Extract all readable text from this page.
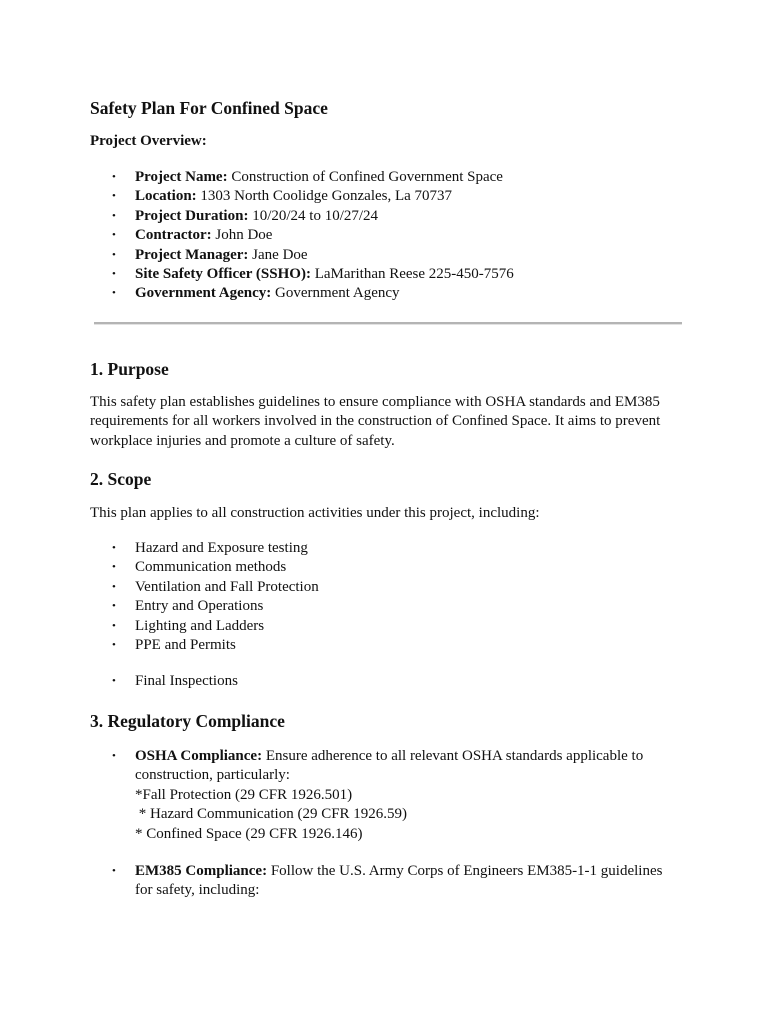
Safety Plan For Confined Space
Project Overview:
• Project Name: Construction of Confined Government Space
• Location: 1303 North Coolidge Gonzales, La 70737
• Project Duration: 10/20/24 to 10/27/24
• Contractor: John Doe
• Project Manager: Jane Doe
• Site Safety Officer (SSHO): LaMarithan Reese 225-450-7576
• Government Agency: Government Agency
1. Purpose
This safety plan establishes guidelines to ensure compliance with OSHA standards and EM385 requirements for all workers involved in the construction of Confined Space. It aims to prevent workplace injuries and promote a culture of safety.
2. Scope
This plan applies to all construction activities under this project, including:
• Hazard and Exposure testing
• Communication methods
• Ventilation and Fall Protection
• Entry and Operations
• Lighting and Ladders
• PPE and Permits
• Final Inspections
3. Regulatory Compliance
• OSHA Compliance: Ensure adherence to all relevant OSHA standards applicable to construction, particularly:
*Fall Protection (29 CFR 1926.501)
* Hazard Communication (29 CFR 1926.59)
* Confined Space (29 CFR 1926.146)
• EM385 Compliance: Follow the U.S. Army Corps of Engineers EM385-1-1 guidelines for safety, including:
